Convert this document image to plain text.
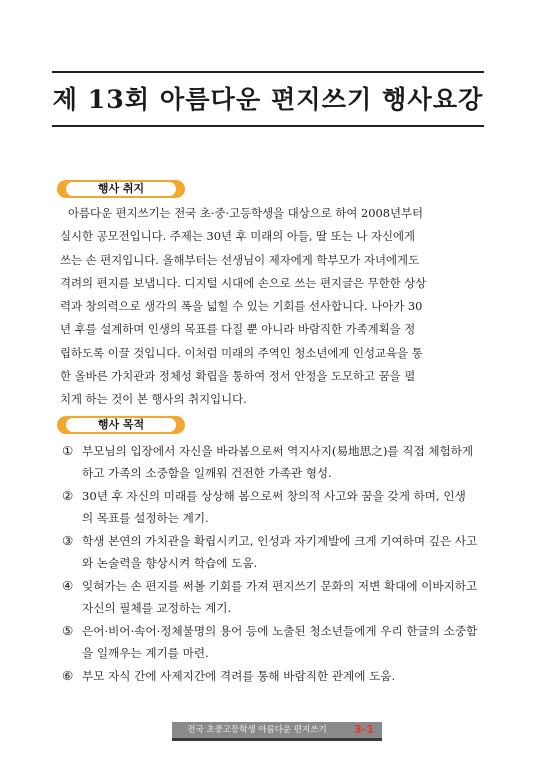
제 13회 아름다운 편지쓰기 행사요강
행사 취지
아름다운 편지쓰기는 전국 초·중·고등학생을 대상으로 하여 2008년부터
실시한 공모전입니다. 주제는 30년 후 미래의 아들, 딸 또는 나 자신에게
쓰는 손 편지입니다. 올해부터는 선생님이 제자에게 학부모가 자녀에게도
격려의 편지를 보냅니다. 디지털 시대에 손으로 쓰는 편지글은 무한한 상상
력과 창의력으로 생각의 폭을 넓힐 수 있는 기회를 선사합니다. 나아가 30
년 후를 설계하며 인생의 목표를 다질 뿐 아니라 바람직한 가족계획을 정
립하도록 이끌 것입니다. 이처럼 미래의 주역인 청소년에게 인성교육을 통
한 올바른 가치관과 정체성 확립을 통하여 정서 안정을 도모하고 꿈을 펼
치게 하는 것이 본 행사의 취지입니다.
행사 목적
① 부모님의 입장에서 자신을 바라봄으로써 역지사지(易地思之)를 직접 체험하게
하고 가족의 소중함을 일깨워 건전한 가족관 형성.
② 30년 후 자신의 미래를 상상해 봄으로써 창의적 사고와 꿈을 갖게 하며, 인생
의 목표를 설정하는 계기.
③ 학생 본연의 가치관을 확립시키고, 인성과 자기계발에 크게 기여하며 깊은 사고
와 논술력을 향상시켜 학습에 도움.
④ 잊혀가는 손 편지를 써볼 기회를 가져 편지쓰기 문화의 저변 확대에 이바지하고
자신의 필체를 교정하는 계기.
⑤ 은어·비어·속어·정체불명의 용어 등에 노출된 청소년들에게 우리 한글의 소중함
을 일깨우는 계기를 마련.
⑥ 부모 자식 간에 사제지간에 격려를 통해 바람직한 관계에 도움.
전국 초중고등학생 아름다운 편지쓰기	3-1
